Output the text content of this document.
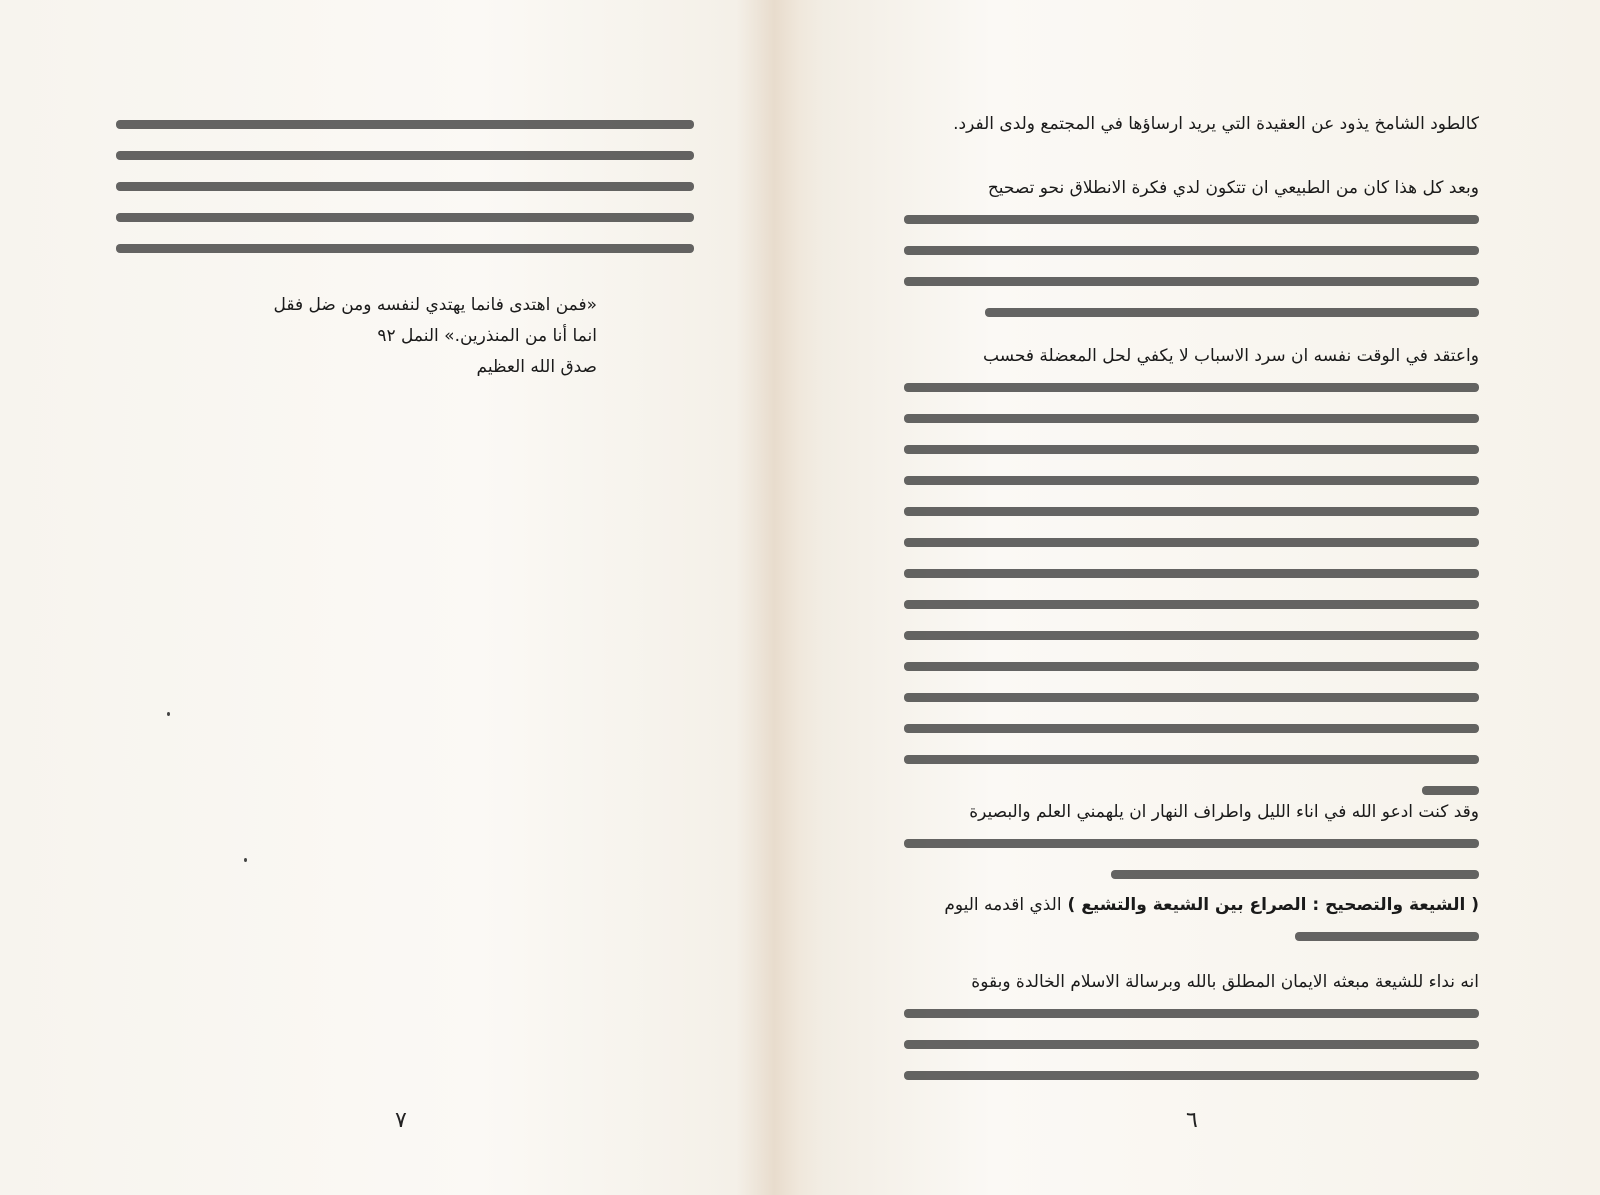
«فمن اهتدى فانما يهتدي لنفسه ومن ضل فقل
انما أنا من المنذرين.» النمل ٩٢
صدق الله العظيم
٧
كالطود الشامخ يذود عن العقيدة التي يريد ارساؤها في المجتمع ولدى الفرد.
وبعد كل هذا كان من الطبيعي ان تتكون لدي فكرة الانطلاق نحو تصحيح
واعتقد في الوقت نفسه ان سرد الاسباب لا يكفي لحل المعضلة فحسب
وقد كنت ادعو الله في اناء الليل واطراف النهار ان يلهمني العلم والبصيرة
( الشيعة والتصحيح : الصراع بين الشيعة والتشيع ) الذي اقدمه اليوم
انه نداء للشيعة مبعثه الايمان المطلق بالله وبرسالة الاسلام الخالدة وبقوة
٦
